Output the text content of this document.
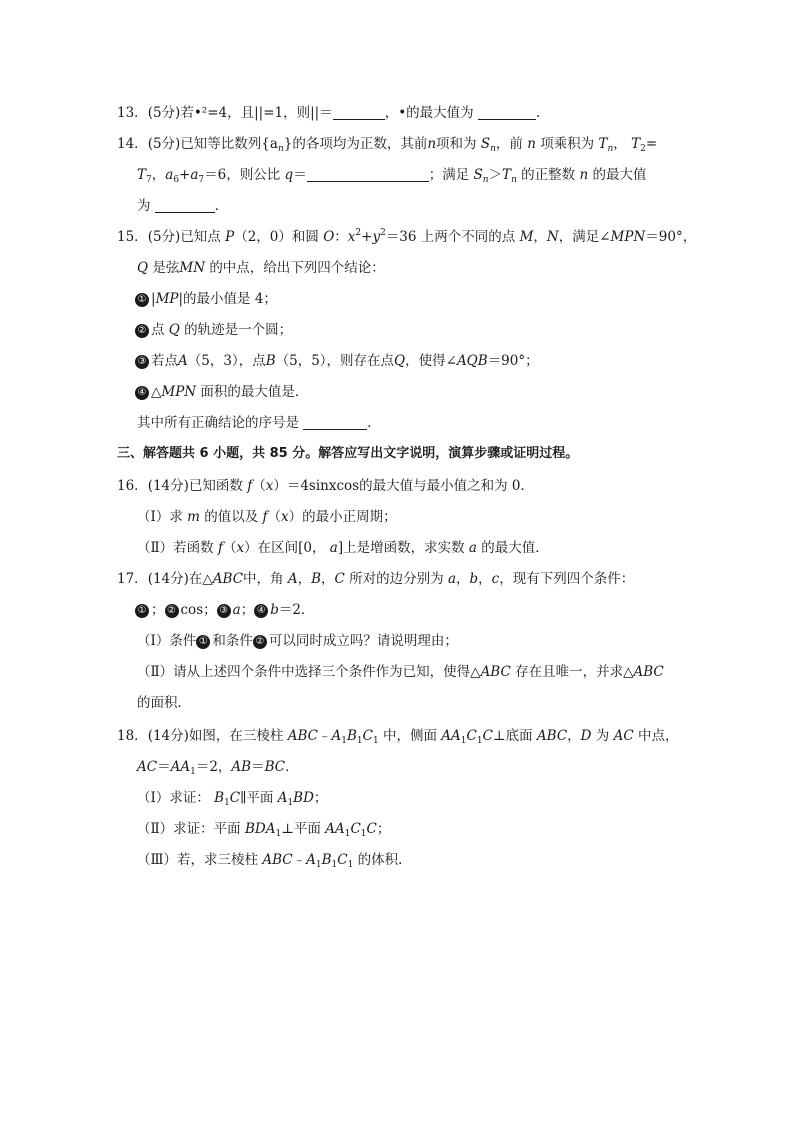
13．(5分)若•²=4，且||=1，则||＝	，•的最大值为	．
14．(5分)已知等比数列$\{a_n\}$的各项均为正数，其前n项和为 $S_n$，前 n 项乘积为 $T_n$， $T_2=$
$T_7$，$a_6+a_7=6$，则公比 q＝	；满足 $S_n>T_n$ 的正整数 n 的最大值
为	．
15．(5分)已知点 P（2，0）和圆 O：$x^2+y^2=36$ 上两个不同的点 M，N，满足∠MPN＝90°，
Q 是弦MN 的中点，给出下列四个结论：
① |MP|的最小值是 4；
② 点 Q 的轨迹是一个圆；
③ 若点A（5，3），点B（5，5），则存在点Q，使得∠AQB＝90°；
④ △MPN 面积的最大值是．
其中所有正确结论的序号是	．
三、解答题共 6 小题，共 85 分。解答应写出文字说明，演算步骤或证明过程。
16．(14分)已知函数 f（x）＝4sinxcos的最大值与最小值之和为 0．
（Ⅰ）求 m 的值以及 f（x）的最小正周期；
（Ⅱ）若函数 f（x）在区间[0， a]上是增函数，求实数 a 的最大值．
17．(14分)在△ABC中，角 A，B，C 所对的边分别为 a，b，c，现有下列四个条件：
① ； ② cos； ③ a； ④ b＝2．
（Ⅰ）条件 ① 和条件 ② 可以同时成立吗？请说明理由；
（Ⅱ）请从上述四个条件中选择三个条件作为已知，使得△ABC 存在且唯一，并求△ABC
的面积．
18．(14分)如图，在三棱柱 $ABC﹣A_1B_1C_1$ 中，侧面 $AA_1C_1C\perp$底面 ABC，D 为 AC 中点，
$AC=AA_1=2$，AB＝BC．
（Ⅰ）求证： $B_1C\parallel$平面 $A_1BD$；
（Ⅱ）求证：平面 $BDA_1\perp$平面 $AA_1C_1C$；
（Ⅲ）若，求三棱柱 $ABC﹣A_1B_1C_1$ 的体积．
